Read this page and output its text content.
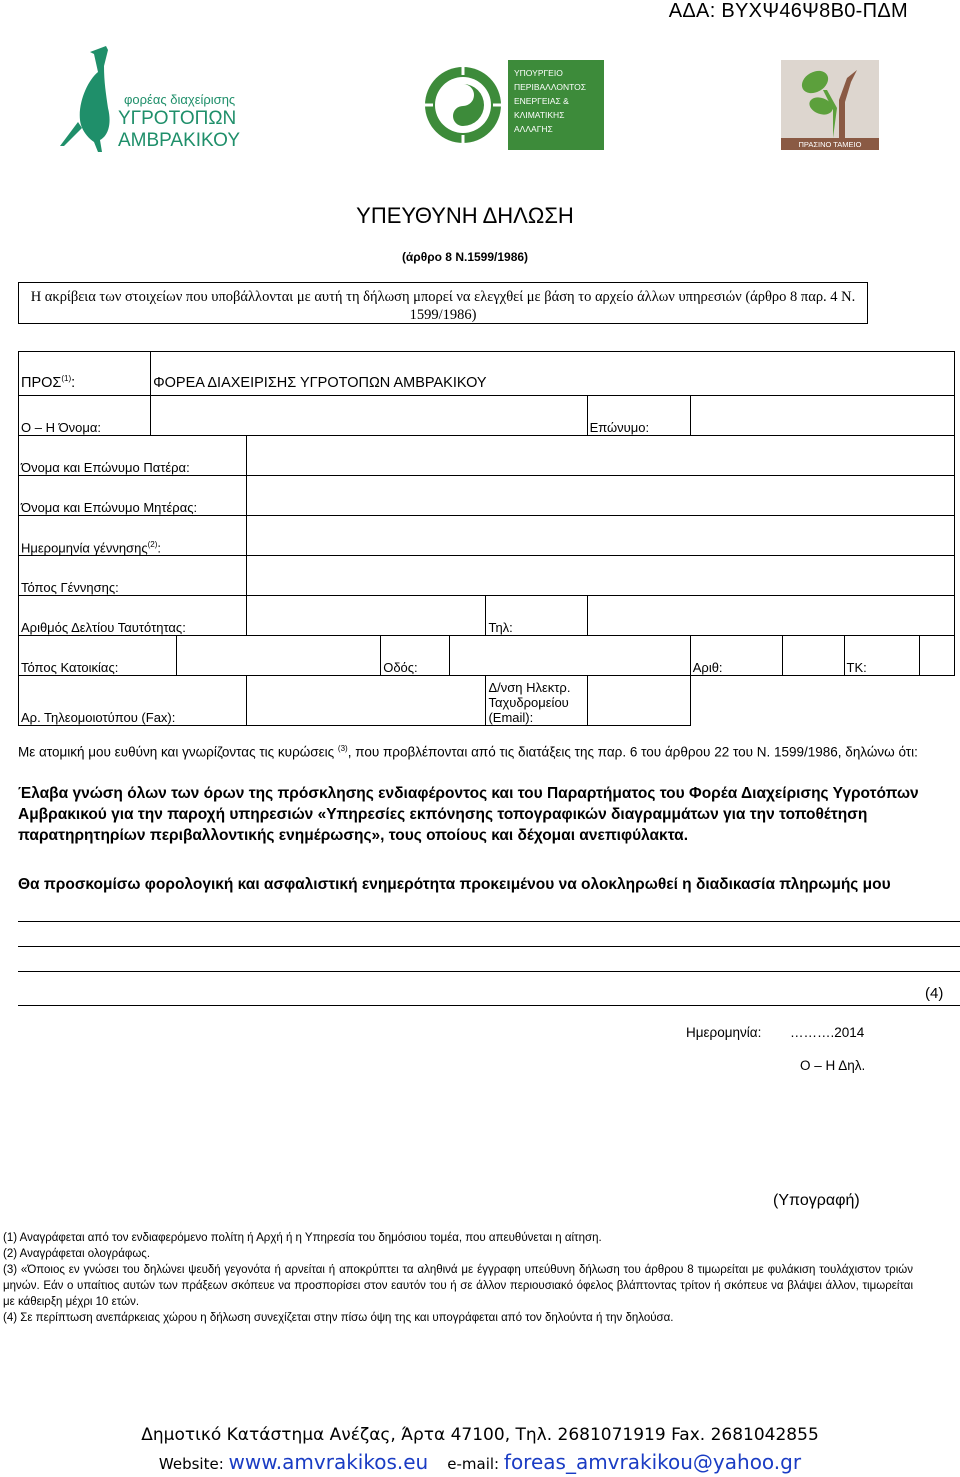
ΑΔΑ: ΒΥΧΨ46Ψ8Β0-ΠΔΜ
φορέας διαχείρισης
ΥΓΡΟΤΟΠΩΝ
ΑΜΒΡΑΚΙΚΟΥ
ΥΠΟΥΡΓΕΙΟ
ΠΕΡΙΒΑΛΛΟΝΤΟΣ
ΕΝΕΡΓΕΙΑΣ &
ΚΛΙΜΑΤΙΚΗΣ
ΑΛΛΑΓΗΣ
ΠΡΑΣΙΝΟ ΤΑΜΕΙΟ
ΥΠΕΥΘΥΝΗ ΔΗΛΩΣΗ
(άρθρο 8 Ν.1599/1986)
Η ακρίβεια των στοιχείων που υποβάλλονται με αυτή τη δήλωση μπορεί να ελεγχθεί με βάση το αρχείο άλλων υπηρεσιών (άρθρο 8 παρ. 4 Ν. 1599/1986)
ΠΡΟΣ$^{(1)}$:	ΦΟΡΕΑ ΔΙΑΧΕΙΡΙΣΗΣ ΥΓΡΟΤΟΠΩΝ ΑΜΒΡΑΚΙΚΟΥ										
Ο – Η Όνομα:							Επώνυμο:				
Όνομα και Επώνυμο Πατέρα:											
Όνομα και Επώνυμο Μητέρας:											
Ημερομηνία γέννησης$^{(2)}$:											
Τόπος Γέννησης:											
Αριθμός Δελτίου Ταυτότητας:						Τηλ:					
Τόπος Κατοικίας:				Οδός:				Αριθ:		ΤΚ:	
Αρ. Τηλεομοιοτύπου (Fax):						Δ/νση Ηλεκτρ.
Ταχυδρομείου
(Email):					

Με ατομική μου ευθύνη και γνωρίζοντας τις κυρώσεις $^{(3)}$, που προβλέπονται από τις διατάξεις της παρ. 6 του άρθρου 22 του Ν. 1599/1986, δηλώνω ότι:
Έλαβα γνώση όλων των όρων της πρόσκλησης ενδιαφέροντος και του Παραρτήματος του Φορέα Διαχείρισης Υγροτόπων Αμβρακικού για την παροχή υπηρεσιών «Υπηρεσίες εκπόνησης τοπογραφικών διαγραμμάτων για την τοποθέτηση παρατηρητηρίων περιβαλλοντικής ενημέρωσης», τους οποίους και δέχομαι ανεπιφύλακτα.
Θα προσκομίσω φορολογική και ασφαλιστική ενημερότητα προκειμένου να ολοκληρωθεί η διαδικασία πληρωμής μου
(4)
Ημερομηνία: ……….2014
Ο – Η Δηλ.
(Υπογραφή)

(1) Αναγράφεται από τον ενδιαφερόμενο πολίτη ή Αρχή ή η Υπηρεσία του δημόσιου τομέα, που απευθύνεται η αίτηση.

(2) Αναγράφεται ολογράφως.

(3) «Όποιος εν γνώσει του δηλώνει ψευδή γεγονότα ή αρνείται ή αποκρύπτει τα αληθινά με έγγραφη υπεύθυνη δήλωση του άρθρου 8 τιμωρείται με φυλάκιση τουλάχιστον τριών μηνών. Εάν ο υπαίτιος αυτών των πράξεων σκόπευε να προσπορίσει στον εαυτόν του ή σε άλλον περιουσιακό όφελος βλάπτοντας τρίτον ή σκόπευε να βλάψει άλλον, τιμωρείται με κάθειρξη μέχρι 10 ετών.

(4) Σε περίπτωση ανεπάρκειας χώρου η δήλωση συνεχίζεται στην πίσω όψη της και υπογράφεται από τον δηλούντα ή την δηλούσα.

Δημοτικό Κατάστημα Ανέζας, Άρτα 47100, Τηλ. 2681071919 Fax. 2681042855
Website: www.amvrakikos.eu e-mail: foreas_amvrakikou@yahoo.gr
